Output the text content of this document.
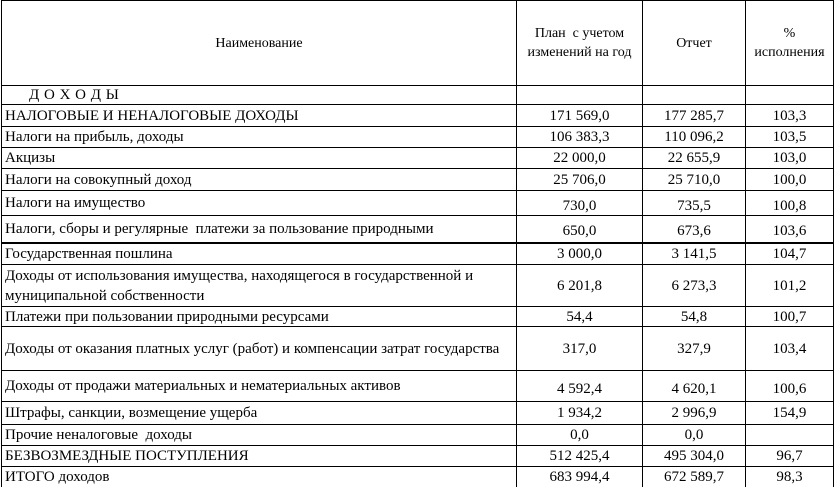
Наименование	План  с учетом изменений на год	Отчет	% исполнения
Д О Х О Д Ы			
НАЛОГОВЫЕ И НЕНАЛОГОВЫЕ ДОХОДЫ	171 569,0	177 285,7	103,3
Налоги на прибыль, доходы	106 383,3	110 096,2	103,5
Акцизы	22 000,0	22 655,9	103,0
Налоги на совокупный доход	25 706,0	25 710,0	100,0
Налоги на имущество	730,0	735,5	100,8
Налоги, сборы и регулярные  платежи за пользование природными	650,0	673,6	103,6
Государственная пошлина	3 000,0	3 141,5	104,7
Доходы от использования имущества, находящегося в государственной и муниципальной собственности	6 201,8	6 273,3	101,2
Платежи при пользовании природными ресурсами	54,4	54,8	100,7
Доходы от оказания платных услуг (работ) и компенсации затрат государства	317,0	327,9	103,4
Доходы от продажи материальных и нематериальных активов	4 592,4	4 620,1	100,6
Штрафы, санкции, возмещение ущерба	1 934,2	2 996,9	154,9
Прочие неналоговые  доходы	0,0	0,0	
БЕЗВОЗМЕЗДНЫЕ ПОСТУПЛЕНИЯ	512 425,4	495 304,0	96,7
ИТОГО доходов	683 994,4	672 589,7	98,3
